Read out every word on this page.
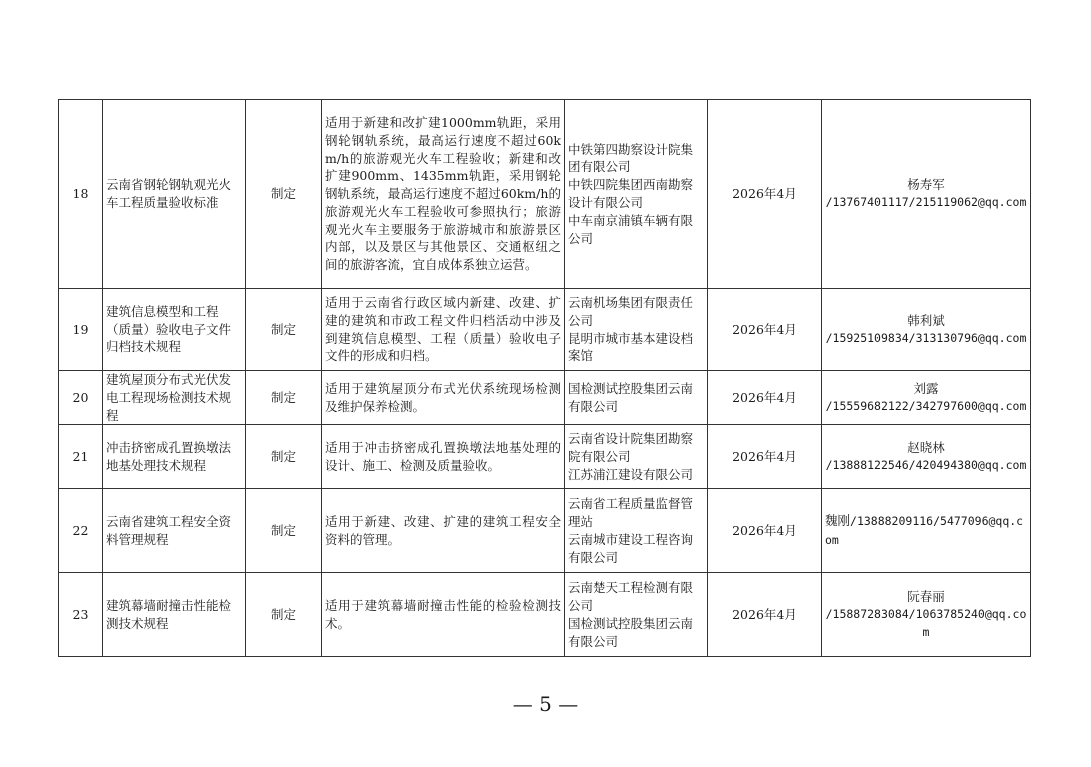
18	云南省钢轮钢轨观光火车工程质量验收标准	制定	适用于新建和改扩建1000mm轨距，采用钢轮钢轨系统，最高运行速度不超过60km/h的旅游观光火车工程验收；新建和改扩建900mm、1435mm轨距，采用钢轮钢轨系统，最高运行速度不超过60km/h的旅游观光火车工程验收可参照执行；旅游观光火车主要服务于旅游城市和旅游景区内部，以及景区与其他景区、交通枢纽之间的旅游客流，宜自成体系独立运营。	中铁第四勘察设计院集团有限公司
中铁四院集团西南勘察设计有限公司
中车南京浦镇车辆有限公司	2026年4月	杨寿军
/13767401117/215119062@qq.com

19	建筑信息模型和工程（质量）验收电子文件归档技术规程	制定	适用于云南省行政区域内新建、改建、扩建的建筑和市政工程文件归档活动中涉及到建筑信息模型、工程（质量）验收电子文件的形成和归档。	云南机场集团有限责任公司
昆明市城市基本建设档案馆	2026年4月	韩利斌
/15925109834/313130796@qq.com

20	建筑屋顶分布式光伏发电工程现场检测技术规程	制定	适用于建筑屋顶分布式光伏系统现场检测及维护保养检测。	国检测试控股集团云南有限公司	2026年4月	刘露
/15559682122/342797600@qq.com

21	冲击挤密成孔置换墩法地基处理技术规程	制定	适用于冲击挤密成孔置换墩法地基处理的设计、施工、检测及质量验收。	云南省设计院集团勘察院有限公司
江苏浦江建设有限公司	2026年4月	赵晓林
/13888122546/420494380@qq.com

22	云南省建筑工程安全资料管理规程	制定	适用于新建、改建、扩建的建筑工程安全资料的管理。	云南省工程质量监督管理站
云南城市建设工程咨询有限公司	2026年4月	魏刚/13888209116/5477096@qq.com
23	建筑幕墙耐撞击性能检测技术规程	制定	适用于建筑幕墙耐撞击性能的检验检测技术。	云南楚天工程检测有限公司
国检测试控股集团云南有限公司	2026年4月	阮春丽
/15887283084/1063785240@qq.com
— 5 —
